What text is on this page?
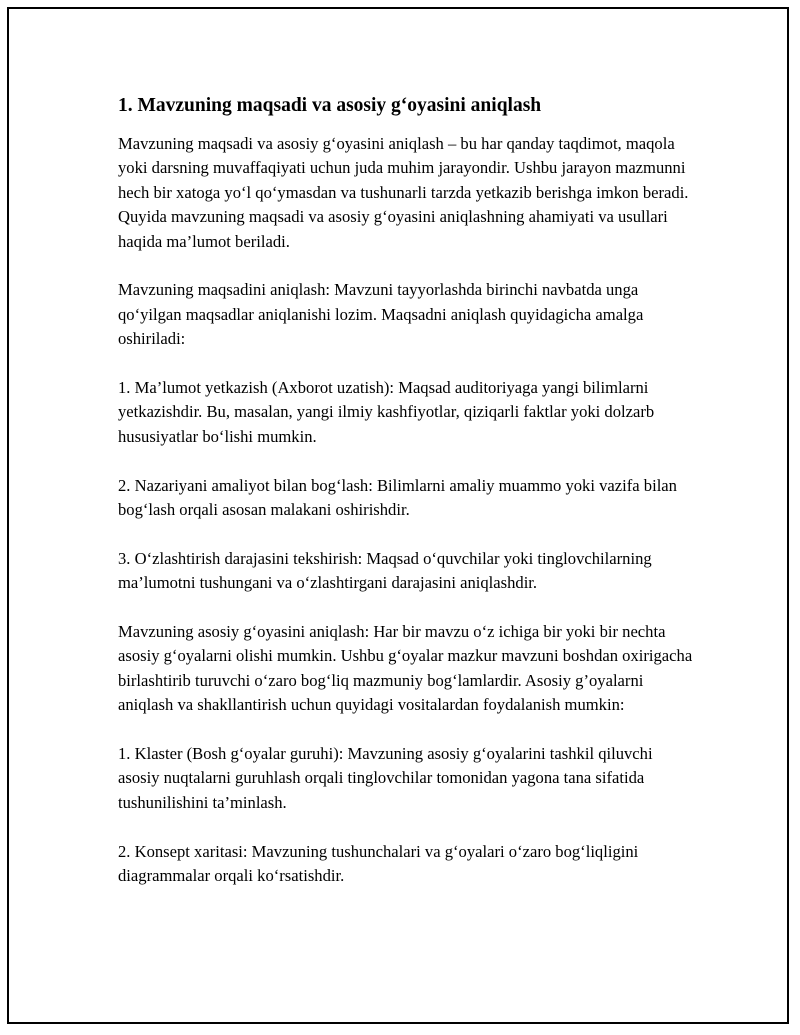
1. Mavzuning maqsadi va asosiy g‘oyasini aniqlash

Mavzuning maqsadi va asosiy g‘oyasini aniqlash – bu har qanday taqdimot, maqola yoki darsning muvaffaqiyati uchun juda muhim jarayondir. Ushbu jarayon mazmunni hech bir xatoga yo‘l qo‘ymasdan va tushunarli tarzda yetkazib berishga imkon beradi. Quyida mavzuning maqsadi va asosiy g‘oyasini aniqlashning ahamiyati va usullari haqida ma’lumot beriladi.

Mavzuning maqsadini aniqlash: Mavzuni tayyorlashda birinchi navbatda unga qo‘yilgan maqsadlar aniqlanishi lozim. Maqsadni aniqlash quyidagicha amalga oshiriladi:

1. Ma’lumot yetkazish (Axborot uzatish): Maqsad auditoriyaga yangi bilimlarni yetkazishdir. Bu, masalan, yangi ilmiy kashfiyotlar, qiziqarli faktlar yoki dolzarb hususiyatlar bo‘lishi mumkin.

2. Nazariyani amaliyot bilan bog‘lash: Bilimlarni amaliy muammo yoki vazifa bilan bog‘lash orqali asosan malakani oshirishdir.

3. O‘zlashtirish darajasini tekshirish: Maqsad o‘quvchilar yoki tinglovchilarning ma’lumotni tushungani va o‘zlashtirgani darajasini aniqlashdir.

Mavzuning asosiy g‘oyasini aniqlash: Har bir mavzu o‘z ichiga bir yoki bir nechta asosiy g‘oyalarni olishi mumkin. Ushbu g‘oyalar mazkur mavzuni boshdan oxirigacha birlashtirib turuvchi o‘zaro bog‘liq mazmuniy bog‘lamlardir. Asosiy g’oyalarni aniqlash va shakllantirish uchun quyidagi vositalardan foydalanish mumkin:

1. Klaster (Bosh g‘oyalar guruhi): Mavzuning asosiy g‘oyalarini tashkil qiluvchi asosiy nuqtalarni guruhlash orqali tinglovchilar tomonidan yagona tana sifatida tushunilishini ta’minlash.

2. Konsept xaritasi: Mavzuning tushunchalari va g‘oyalari o‘zaro bog‘liqligini diagrammalar orqali ko‘rsatishdir.
